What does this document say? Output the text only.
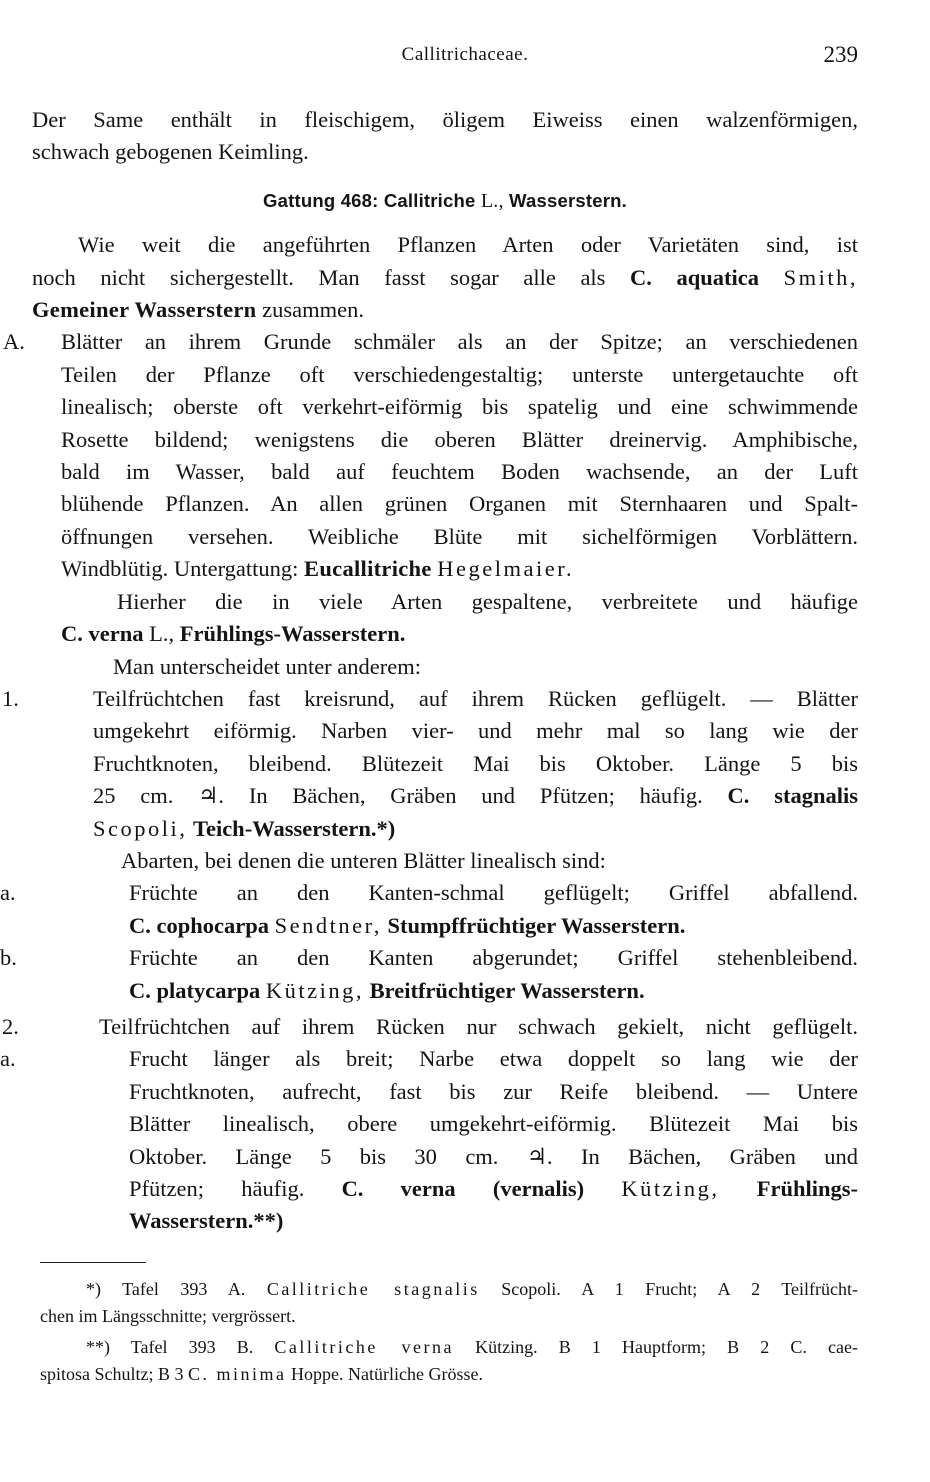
Callitrichaceae.	239

Der Same enthält in fleischigem, öligem Eiweiss einen walzenförmigen,

schwach gebogenen Keimling.

Gattung 468: Callitriche L., Wasserstern.

Wie weit die angeführten Pflanzen Arten oder Varietäten sind, ist

noch nicht sichergestellt. Man fasst sogar alle als C. aquatica Smith,

Gemeiner Wasserstern zusammen.

A. Blätter an ihrem Grunde schmäler als an der Spitze; an verschiedenen

Teilen der Pflanze oft verschiedengestaltig; unterste untergetauchte oft

linealisch; oberste oft verkehrt-eiförmig bis spatelig und eine schwimmende

Rosette bildend; wenigstens die oberen Blätter dreinervig. Amphibische,

bald im Wasser, bald auf feuchtem Boden wachsende, an der Luft

blühende Pflanzen. An allen grünen Organen mit Sternhaaren und Spalt-

öffnungen versehen. Weibliche Blüte mit sichelförmigen Vorblättern.

Windblütig. Untergattung: Eucallitriche Hegelmaier.

Hierher die in viele Arten gespaltene, verbreitete und häufige

C. verna L., Frühlings-Wasserstern.

Man unterscheidet unter anderem:

1.	Teilfrüchtchen fast kreisrund, auf ihrem Rücken geflügelt. — Blätter

umgekehrt eiförmig. Narben vier- und mehr mal so lang wie der

Fruchtknoten, bleibend. Blütezeit Mai bis Oktober. Länge 5 bis

25 cm. ♃. In Bächen, Gräben und Pfützen; häufig. C. stagnalis

Scopoli, Teich-Wasserstern.*)

Abarten, bei denen die unteren Blätter linealisch sind:

a.	Früchte an den Kanten-schmal geflügelt; Griffel abfallend.

C. cophocarpa Sendtner, Stumpffrüchtiger Wasserstern.

b.	Früchte an den Kanten abgerundet; Griffel stehenbleibend.

C. platycarpa Kützing, Breitfrüchtiger Wasserstern.

2.	Teilfrüchtchen auf ihrem Rücken nur schwach gekielt, nicht geflügelt.

a.	Frucht länger als breit; Narbe etwa doppelt so lang wie der

Fruchtknoten, aufrecht, fast bis zur Reife bleibend. — Untere

Blätter linealisch, obere umgekehrt-eiförmig. Blütezeit Mai bis

Oktober. Länge 5 bis 30 cm. ♃. In Bächen, Gräben und

Pfützen; häufig. C. verna (vernalis) Kützing, Frühlings-

Wasserstern.**)

*) Tafel 393 A. Callitriche stagnalis Scopoli. A 1 Frucht; A 2 Teilfrücht-

chen im Längsschnitte; vergrössert.

**) Tafel 393 B. Callitriche verna Kützing. B 1 Hauptform; B 2 C. cae-

spitosa Schultz; B 3 C. minima Hoppe. Natürliche Grösse.
